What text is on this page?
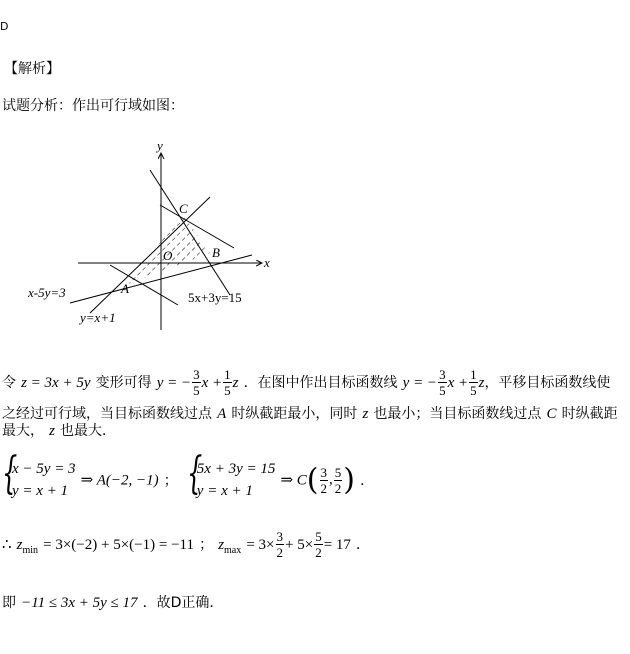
D
【解析】
试题分析：作出可行域如图：
y
x
C
O	B
A
x-5y=3	5x+3y=15
y=x+1
令 z = 3x + 5y 变形可得 y = − $\frac{3}{5}$ $x + \frac{1}{5}$ z ．在图中作出目标函数线 y = − $\frac{3}{5}$ $x + \frac{1}{5}$ z，平移目标函数线使
之经过可行域，当目标函数线过点 A 时纵截距最小，同时 z 也最小；当目标函数线过点 C 时纵截距
最大， z 也最大．
{
x − 5y = 3
y = x + 1
⇒ A(−2, −1) ； {
5x + 3y = 15
y = x + 1
⇒ $C( \frac{3}{2}$ , $\frac{5}{2}$ ) ．
∴ $z_{min} = 3\times(-2) + 5\times(-1) = -11$ ； $z_{max} = 3\times \frac{3}{2} + 5\times \frac{5}{2} = 17$ ．
即 −11 ≤ 3x + 5y ≤ 17 ．故D正确．
